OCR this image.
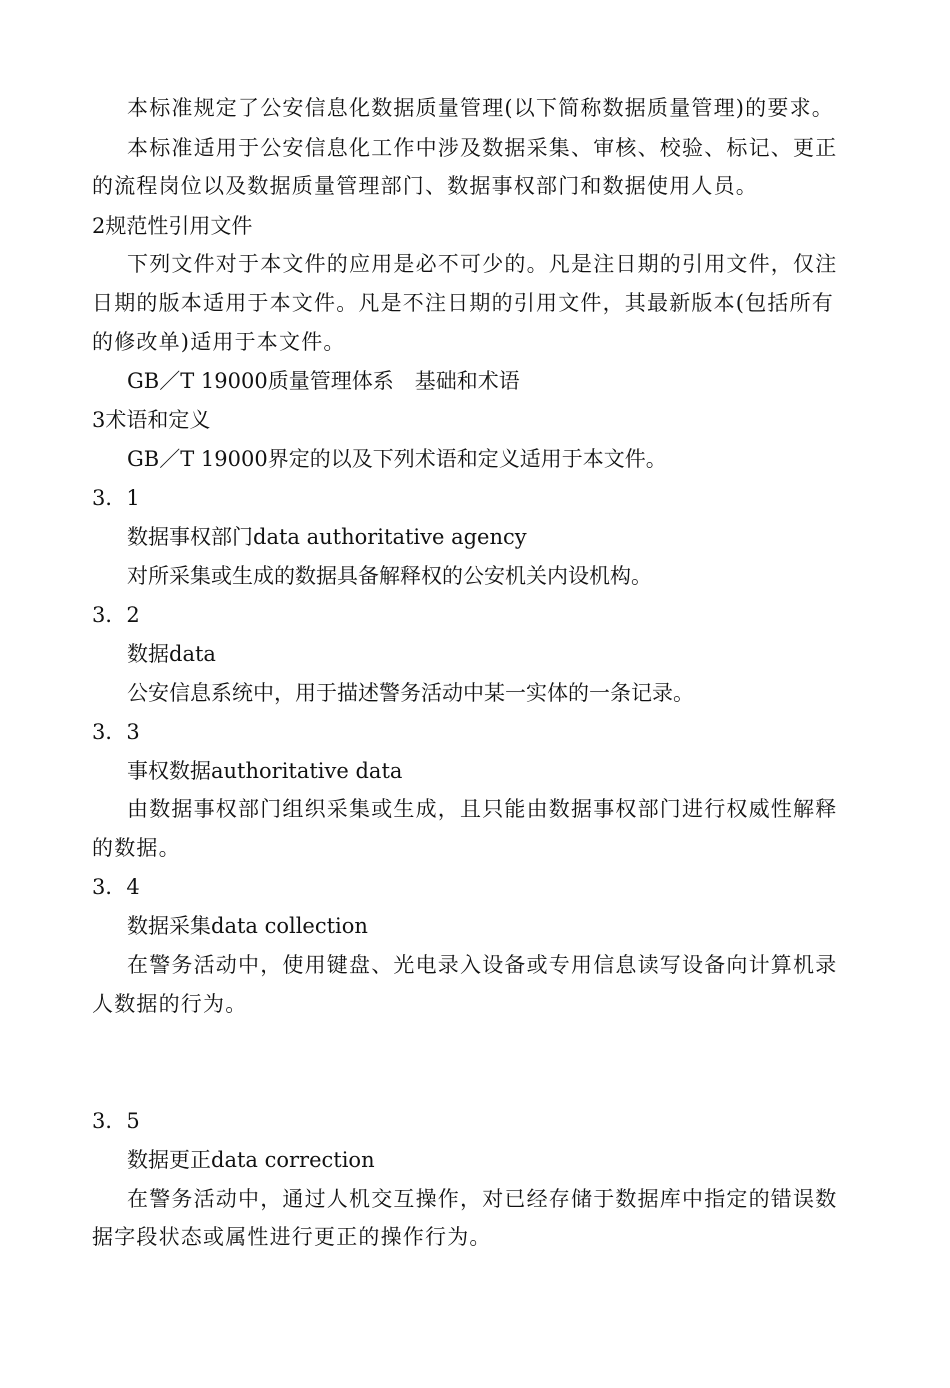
本标准规定了公安信息化数据质量管理(以下简称数据质量管理)的要求。
本标准适用于公安信息化工作中涉及数据采集、审核、校验、标记、更正
的流程岗位以及数据质量管理部门、数据事权部门和数据使用人员。
2规范性引用文件
下列文件对于本文件的应用是必不可少的。凡是注日期的引用文件，仅注
日期的版本适用于本文件。凡是不注日期的引用文件，其最新版本(包括所有
的修改单)适用于本文件。
GB／T 19000质量管理体系　基础和术语
3术语和定义
GB／T 19000界定的以及下列术语和定义适用于本文件。
3．1
数据事权部门data authoritative agency
对所采集或生成的数据具备解释权的公安机关内设机构。
3．2
数据data
公安信息系统中，用于描述警务活动中某一实体的一条记录。
3．3
事权数据authoritative data
由数据事权部门组织采集或生成，且只能由数据事权部门进行权威性解释
的数据。
3．4
数据采集data collection
在警务活动中，使用键盘、光电录入设备或专用信息读写设备向计算机录
人数据的行为。
3．5
数据更正data correction
在警务活动中，通过人机交互操作，对已经存储于数据库中指定的错误数
据字段状态或属性进行更正的操作行为。
